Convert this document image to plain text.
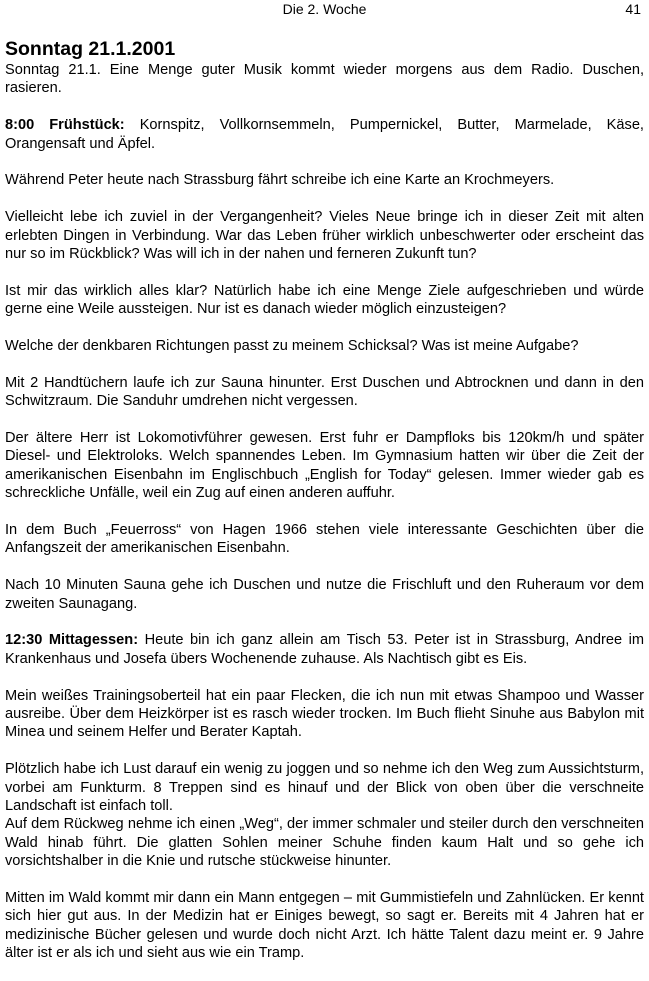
Die 2. Woche	41
Sonntag 21.1.2001

Sonntag 21.1. Eine Menge guter Musik kommt wieder morgens aus dem Radio. Duschen, rasieren.

8:00 Frühstück: Kornspitz, Vollkornsemmeln, Pumpernickel, Butter, Marmelade, Käse, Orangensaft und Äpfel.

Während Peter heute nach Strassburg fährt schreibe ich eine Karte an Krochmeyers.

Vielleicht lebe ich zuviel in der Vergangenheit? Vieles Neue bringe ich in dieser Zeit mit alten erlebten Dingen in Verbindung. War das Leben früher wirklich unbeschwerter oder erscheint das nur so im Rückblick? Was will ich in der nahen und ferneren Zukunft tun?

Ist mir das wirklich alles klar? Natürlich habe ich eine Menge Ziele aufgeschrieben und würde gerne eine Weile aussteigen. Nur ist es danach wieder möglich einzusteigen?

Welche der denkbaren Richtungen passt zu meinem Schicksal? Was ist meine Aufgabe?

Mit 2 Handtüchern laufe ich zur Sauna hinunter. Erst Duschen und Abtrocknen und dann in den Schwitzraum. Die Sanduhr umdrehen nicht vergessen.

Der ältere Herr ist Lokomotivführer gewesen. Erst fuhr er Dampfloks bis 120km/h und später Diesel- und Elektroloks. Welch spannendes Leben. Im Gymnasium hatten wir über die Zeit der amerikanischen Eisenbahn im Englischbuch „English for Today“ gelesen. Immer wieder gab es schreckliche Unfälle, weil ein Zug auf einen anderen auffuhr.

In dem Buch „Feuerross“ von Hagen 1966 stehen viele interessante Geschichten über die Anfangszeit der amerikanischen Eisenbahn.

Nach 10 Minuten Sauna gehe ich Duschen und nutze die Frischluft und den Ruheraum vor dem zweiten Saunagang.

12:30 Mittagessen: Heute bin ich ganz allein am Tisch 53. Peter ist in Strassburg, Andree im Krankenhaus und Josefa übers Wochenende zuhause. Als Nachtisch gibt es Eis.

Mein weißes Trainingsoberteil hat ein paar Flecken, die ich nun mit etwas Shampoo und Wasser ausreibe. Über dem Heizkörper ist es rasch wieder trocken. Im Buch flieht Sinuhe aus Babylon mit Minea und seinem Helfer und Berater Kaptah.

Plötzlich habe ich Lust darauf ein wenig zu joggen und so nehme ich den Weg zum Aussichtsturm, vorbei am Funkturm. 8 Treppen sind es hinauf und der Blick von oben über die verschneite Landschaft ist einfach toll.

Auf dem Rückweg nehme ich einen „Weg“, der immer schmaler und steiler durch den verschneiten Wald hinab führt. Die glatten Sohlen meiner Schuhe finden kaum Halt und so gehe ich vorsichtshalber in die Knie und rutsche stückweise hinunter.

Mitten im Wald kommt mir dann ein Mann entgegen – mit Gummistiefeln und Zahnlücken. Er kennt sich hier gut aus. In der Medizin hat er Einiges bewegt, so sagt er. Bereits mit 4 Jahren hat er medizinische Bücher gelesen und wurde doch nicht Arzt. Ich hätte Talent dazu meint er. 9 Jahre älter ist er als ich und sieht aus wie ein Tramp.
